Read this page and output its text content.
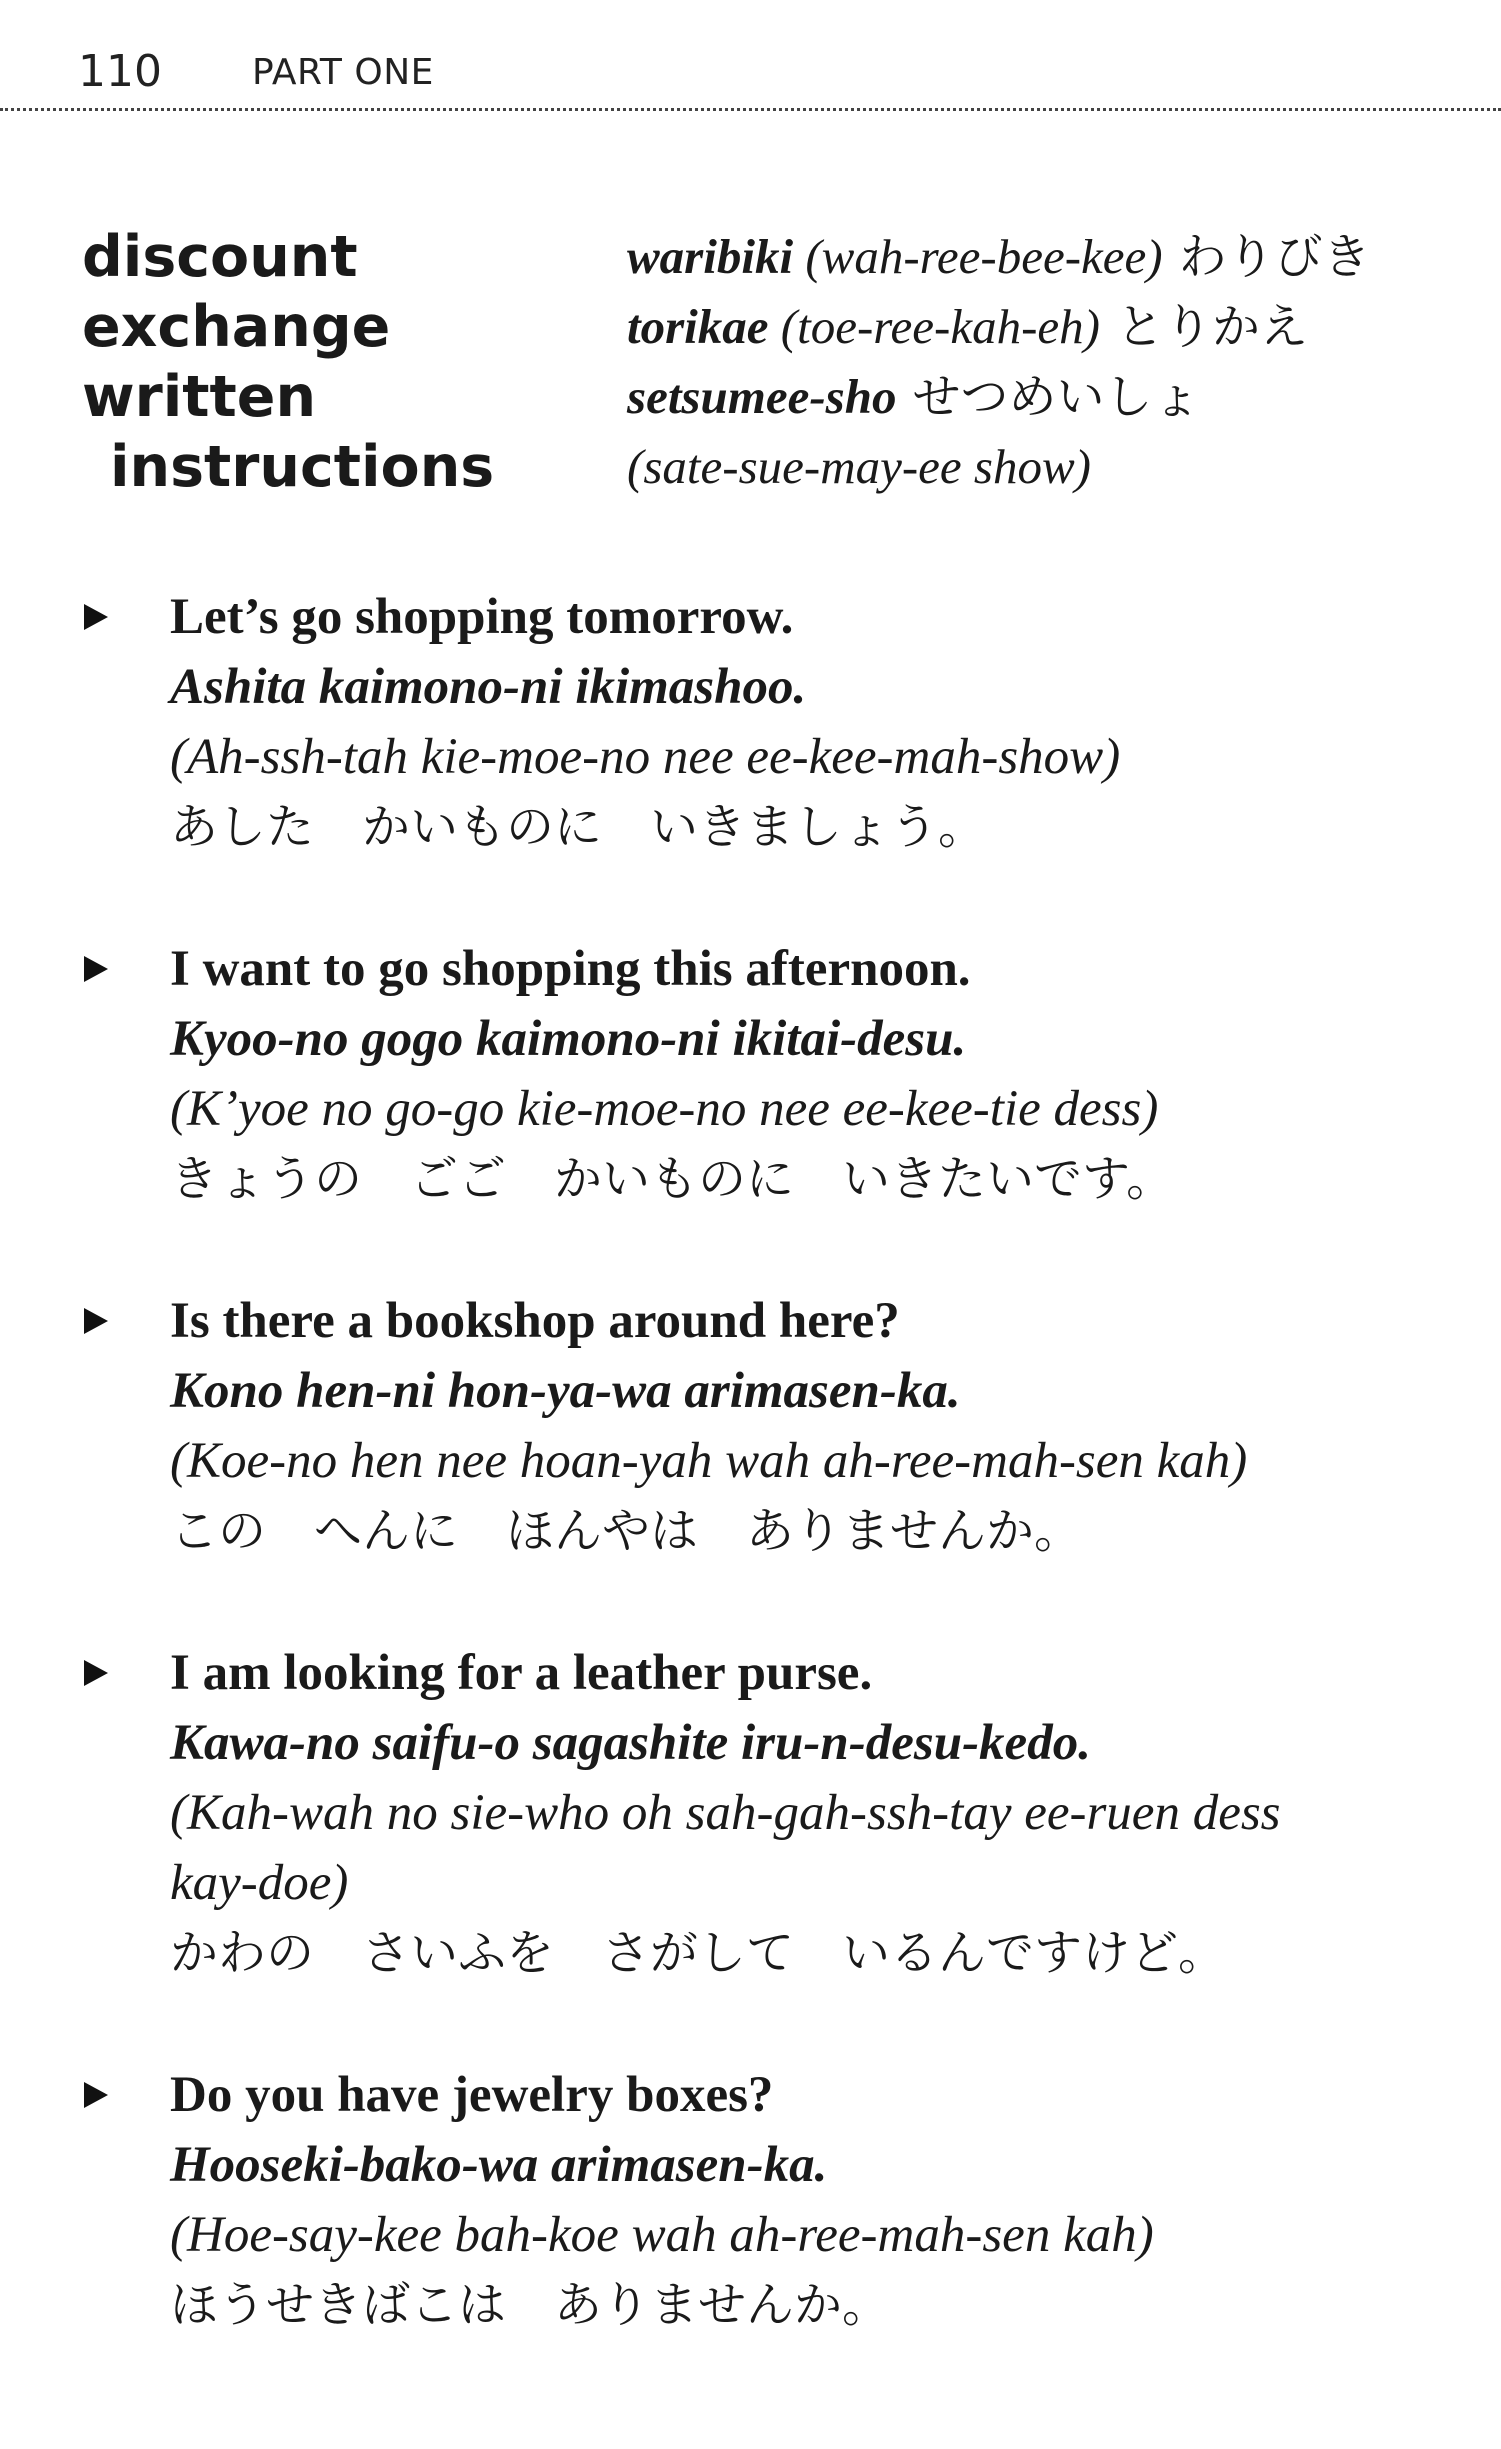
110	PART ONE
discount	waribiki (wah-ree-bee-kee) わりびき
exchange	torikae (toe-ree-kah-eh) とりかえ
written	setsumee-sho せつめいしょ
instructions	(sate-sue-may-ee show)
Let’s go shopping tomorrow.
Ashita kaimono-ni ikimashoo.
(Ah-ssh-tah kie-moe-no nee ee-kee-mah-show)
あした　かいものに　いきましょう。
I want to go shopping this afternoon.
Kyoo-no gogo kaimono-ni ikitai-desu.
(K’yoe no go-go kie-moe-no nee ee-kee-tie dess)
きょうの　ごご　かいものに　いきたいです。
Is there a bookshop around here?
Kono hen-ni hon-ya-wa arimasen-ka.
(Koe-no hen nee hoan-yah wah ah-ree-mah-sen kah)
この　へんに　ほんやは　ありませんか。
I am looking for a leather purse.
Kawa-no saifu-o sagashite iru-n-desu-kedo.
(Kah-wah no sie-who oh sah-gah-ssh-tay ee-ruen dess
kay-doe)
かわの　さいふを　さがして　いるんですけど。
Do you have jewelry boxes?
Hooseki-bako-wa arimasen-ka.
(Hoe-say-kee bah-koe wah ah-ree-mah-sen kah)
ほうせきばこは　ありませんか。
